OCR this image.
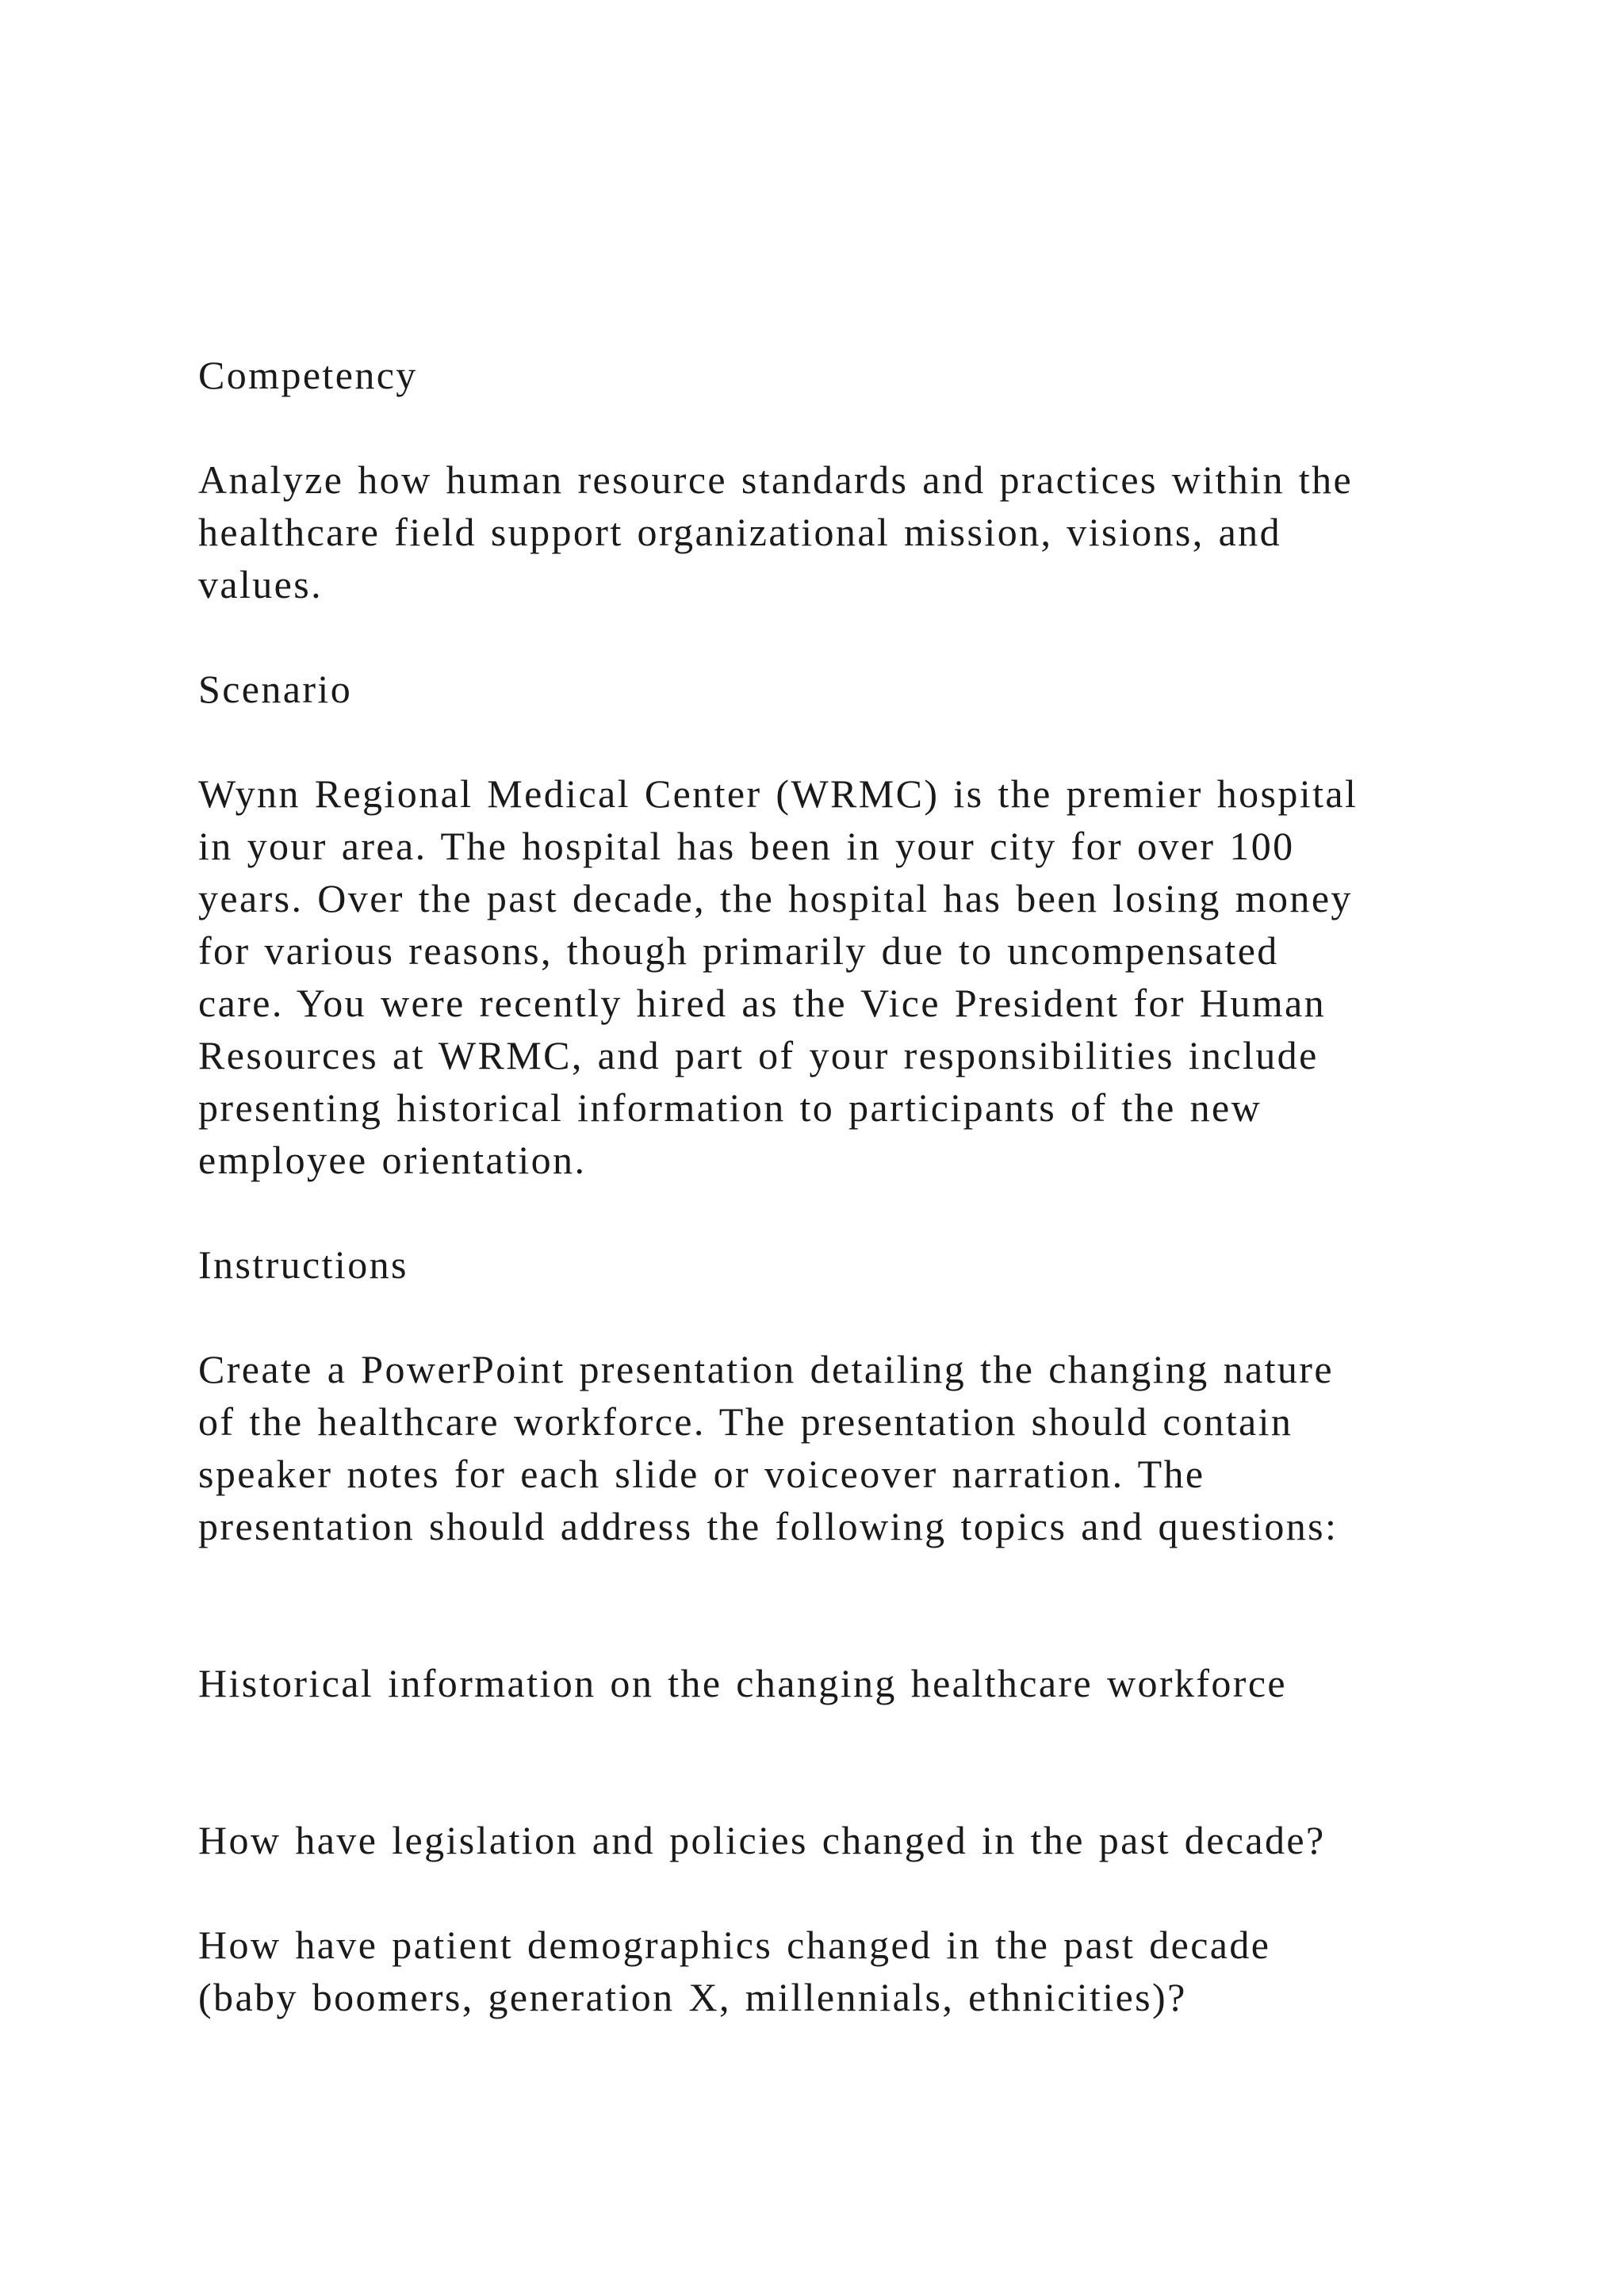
Competency

Analyze how human resource standards and practices within the
healthcare field support organizational mission, visions, and
values.

Scenario

Wynn Regional Medical Center (WRMC) is the premier hospital
in your area. The hospital has been in your city for over 100
years. Over the past decade, the hospital has been losing money
for various reasons, though primarily due to uncompensated
care. You were recently hired as the Vice President for Human
Resources at WRMC, and part of your responsibilities include
presenting historical information to participants of the new
employee orientation.

Instructions

Create a PowerPoint presentation detailing the changing nature
of the healthcare workforce. The presentation should contain
speaker notes for each slide or voiceover narration. The
presentation should address the following topics and questions:

Historical information on the changing healthcare workforce

How have legislation and policies changed in the past decade?

How have patient demographics changed in the past decade
(baby boomers, generation X, millennials, ethnicities)?
